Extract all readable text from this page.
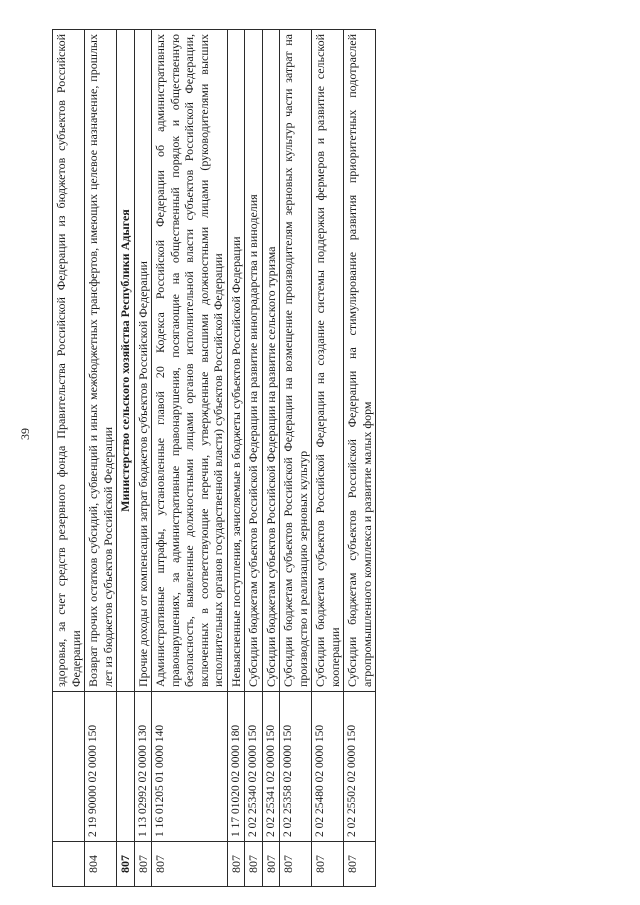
39
		здоровья, за счет средств резервного фонда Правительства Российской Федерации из бюджетов субъектов Российской Федерации
804	2 19 90000 02 0000 150	Возврат прочих остатков субсидий, субвенций и иных межбюджетных трансфертов, имеющих целевое назначение, прошлых лет из бюджетов субъектов Российской Федерации
807		Министерство сельского хозяйства Республики Адыгея
807	1 13 02992 02 0000 130	Прочие доходы от компенсации затрат бюджетов субъектов Российской Федерации
807	1 16 01205 01 0000 140	Административные штрафы, установленные главой 20 Кодекса Российской Федерации об административных правонарушениях, за административные правонарушения, посягающие на общественный порядок и общественную безопасность, выявленные должностными лицами органов исполнительной власти субъектов Российской Федерации, включенных в соответствующие перечни, утвержденные высшими должностными лицами (руководителями высших исполнительных органов государственной власти) субъектов Российской Федерации
807	1 17 01020 02 0000 180	Невыясненные поступления, зачисляемые в бюджеты субъектов Российской Федерации
807	2 02 25340 02 0000 150	Субсидии бюджетам субъектов Российской Федерации на развитие виноградарства и виноделия
807	2 02 25341 02 0000 150	Субсидии бюджетам субъектов Российской Федерации на развитие сельского туризма
807	2 02 25358 02 0000 150	Субсидии бюджетам субъектов Российской Федерации на возмещение производителям зерновых культур части затрат на производство и реализацию зерновых культур
807	2 02 25480 02 0000 150	Субсидии бюджетам субъектов Российской Федерации на создание системы поддержки фермеров и развитие сельской кооперации
807	2 02 25502 02 0000 150	Субсидии бюджетам субъектов Российской Федерации на стимулирование развития приоритетных подотраслей агропромышленного комплекса и развитие малых форм
